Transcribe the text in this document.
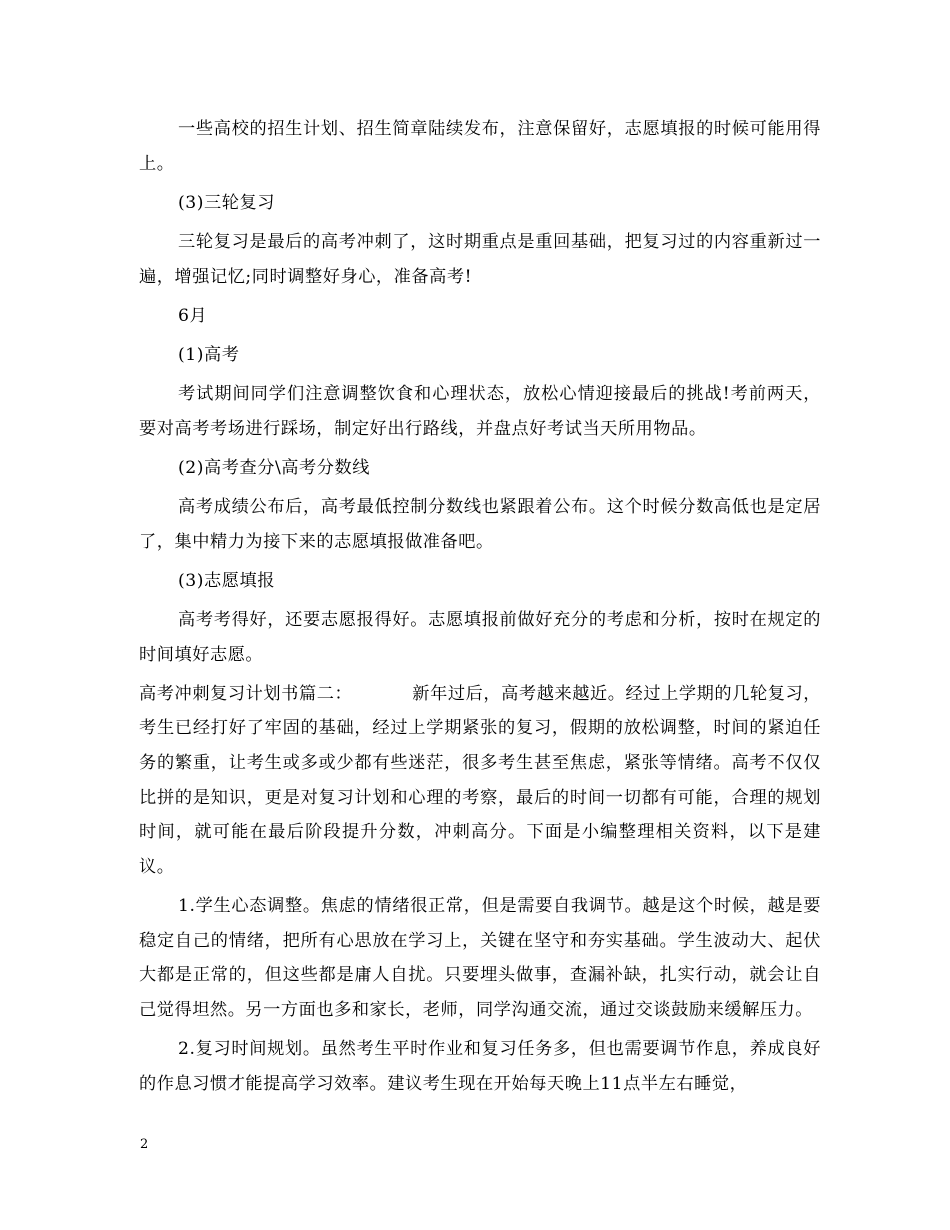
一些高校的招生计划、招生简章陆续发布，注意保留好，志愿填报的时候可能用得上。

(3)三轮复习

三轮复习是最后的高考冲刺了，这时期重点是重回基础，把复习过的内容重新过一遍，增强记忆;同时调整好身心，准备高考!

6月

(1)高考

考试期间同学们注意调整饮食和心理状态，放松心情迎接最后的挑战!考前两天，要对高考考场进行踩场，制定好出行路线，并盘点好考试当天所用物品。

(2)高考查分\高考分数线

高考成绩公布后，高考最低控制分数线也紧跟着公布。这个时候分数高低也是定居了，集中精力为接下来的志愿填报做准备吧。

(3)志愿填报

高考考得好，还要志愿报得好。志愿填报前做好充分的考虑和分析，按时在规定的时间填好志愿。

高考冲刺复习计划书篇二：	新年过后，高考越来越近。经过上学期的几轮复习，考生已经打好了牢固的基础，经过上学期紧张的复习，假期的放松调整，时间的紧迫任务的繁重，让考生或多或少都有些迷茫，很多考生甚至焦虑，紧张等情绪。高考不仅仅比拼的是知识，更是对复习计划和心理的考察，最后的时间一切都有可能，合理的规划时间，就可能在最后阶段提升分数，冲刺高分。下面是小编整理相关资料，以下是建议。

1.学生心态调整。焦虑的情绪很正常，但是需要自我调节。越是这个时候，越是要稳定自己的情绪，把所有心思放在学习上，关键在坚守和夯实基础。学生波动大、起伏大都是正常的，但这些都是庸人自扰。只要埋头做事，查漏补缺，扎实行动，就会让自己觉得坦然。另一方面也多和家长，老师，同学沟通交流，通过交谈鼓励来缓解压力。

2.复习时间规划。虽然考生平时作业和复习任务多，但也需要调节作息，养成良好的作息习惯才能提高学习效率。建议考生现在开始每天晚上11点半左右睡觉，

2
